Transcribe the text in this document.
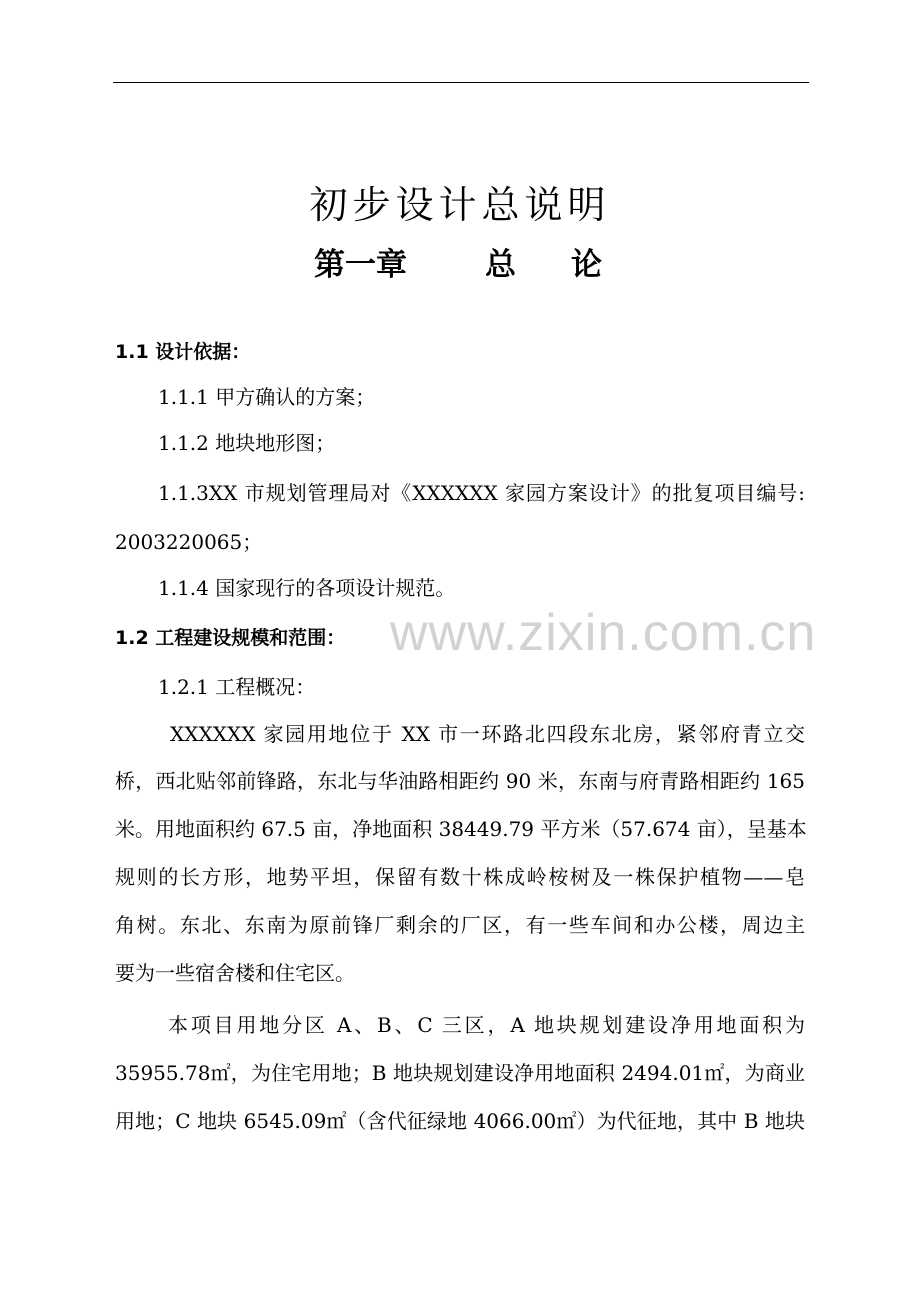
初步设计总说明
第一章	总 论
1.1 设计依据：
1.1.1 甲方确认的方案；
1.1.2 地块地形图；
1.1.3XX 市规划管理局对《XXXXXX 家园方案设计》的批复项目编号:
2003220065；
1.1.4 国家现行的各项设计规范。
1.2 工程建设规模和范围：
1.2.1 工程概况：
XXXXXX 家园用地位于 XX 市一环路北四段东北房，紧邻府青立交
桥，西北贴邻前锋路，东北与华油路相距约 90 米，东南与府青路相距约 165
米。用地面积约 67.5 亩，净地面积 38449.79 平方米（57.674 亩），呈基本
规则的长方形，地势平坦，保留有数十株成岭桉树及一株保护植物——皂
角树。东北、东南为原前锋厂剩余的厂区，有一些车间和办公楼，周边主
要为一些宿舍楼和住宅区。
本项目用地分区 A、B、C 三区，A 地块规划建设净用地面积为
35955.78㎡，为住宅用地；B 地块规划建设净用地面积 2494.01㎡，为商业
用地；C 地块 6545.09㎡（含代征绿地 4066.00㎡）为代征地，其中 B 地块
www.zixin.com.cn
